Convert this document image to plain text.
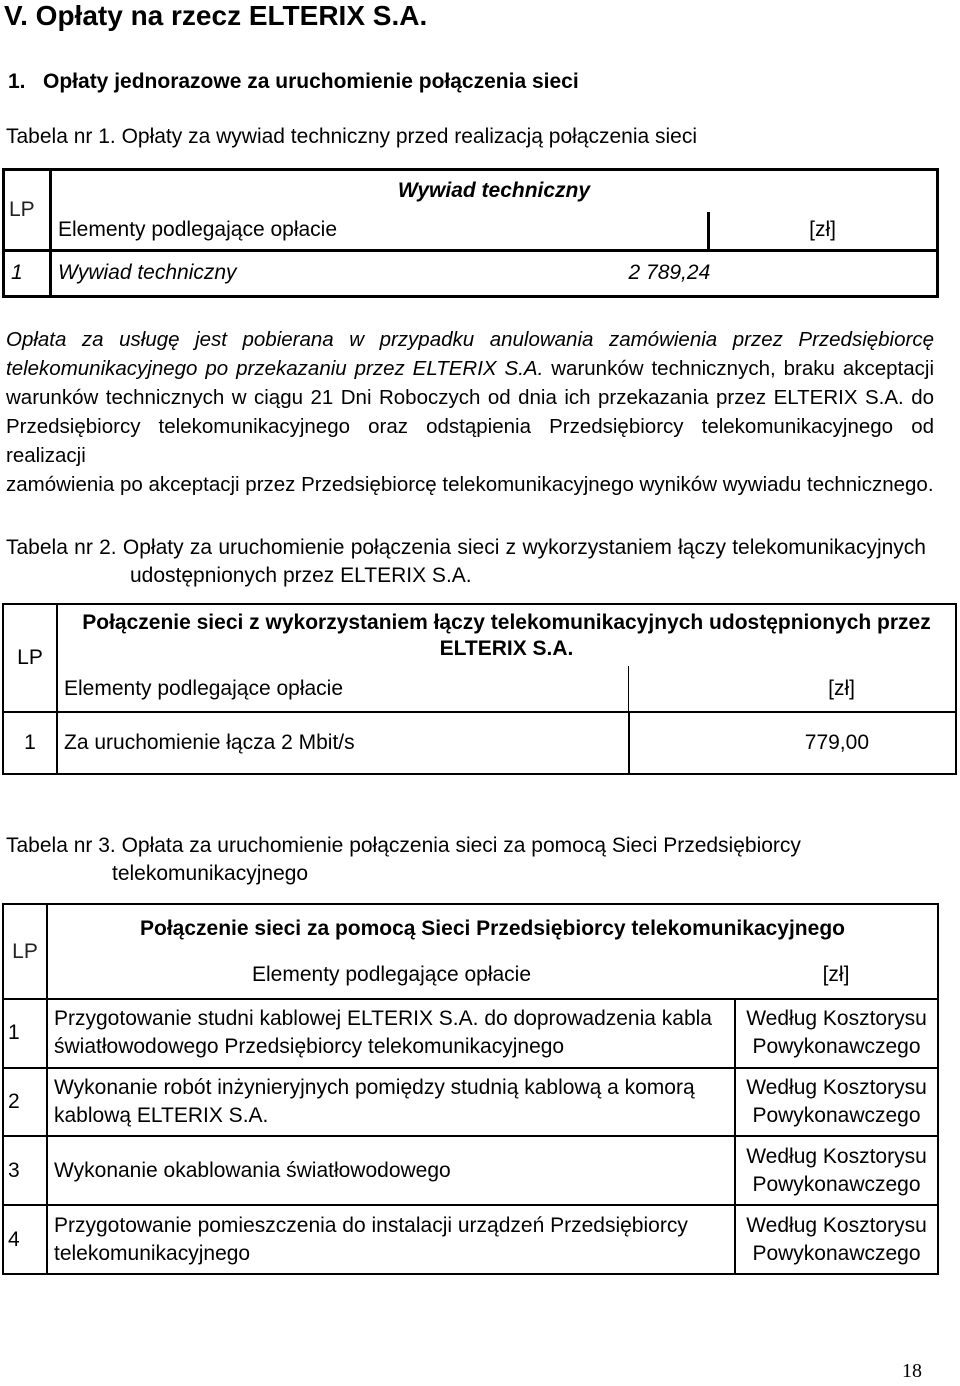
V. Opłaty na rzecz ELTERIX S.A.
1.   Opłaty jednorazowe za uruchomienie połączenia sieci
Tabela nr 1. Opłaty za wywiad techniczny przed realizacją połączenia sieci
LP	Wywiad techniczny	
	Elementy podlegające opłacie	[zł]
1	Wywiad techniczny	2 789,24
Opłata za usługę jest pobierana w przypadku anulowania zamówienia przez Przedsiębiorcę
telekomunikacyjnego po przekazaniu przez ELTERIX S.A. warunków technicznych, braku akceptacji
warunków technicznych w ciągu 21 Dni Roboczych od dnia ich przekazania przez ELTERIX S.A. do
Przedsiębiorcy telekomunikacyjnego oraz odstąpienia Przedsiębiorcy telekomunikacyjnego od realizacji
zamówienia po akceptacji przez Przedsiębiorcę telekomunikacyjnego wyników wywiadu technicznego.
Tabela nr 2. Opłaty za uruchomienie połączenia sieci z wykorzystaniem łączy telekomunikacyjnych
udostępnionych przez ELTERIX S.A.
LP	Połączenie sieci z wykorzystaniem łączy telekomunikacyjnych udostępnionych przez ELTERIX S.A.	
	Elementy podlegające opłacie	[zł]
1	Za uruchomienie łącza 2 Mbit/s	779,00
Tabela nr 3. Opłata za uruchomienie połączenia sieci za pomocą Sieci Przedsiębiorcy
telekomunikacyjnego
LP	Połączenie sieci za pomocą Sieci Przedsiębiorcy telekomunikacyjnego	
	Elementy podlegające opłacie	[zł]
1	Przygotowanie studni kablowej ELTERIX S.A. do doprowadzenia kabla światłowodowego Przedsiębiorcy telekomunikacyjnego	Według Kosztorysu Powykonawczego
2	Wykonanie robót inżynieryjnych pomiędzy studnią kablową a komorą kablową ELTERIX S.A.	Według Kosztorysu Powykonawczego
3	Wykonanie okablowania światłowodowego	Według Kosztorysu Powykonawczego
4	Przygotowanie pomieszczenia do instalacji urządzeń Przedsiębiorcy telekomunikacyjnego	Według Kosztorysu Powykonawczego
18
